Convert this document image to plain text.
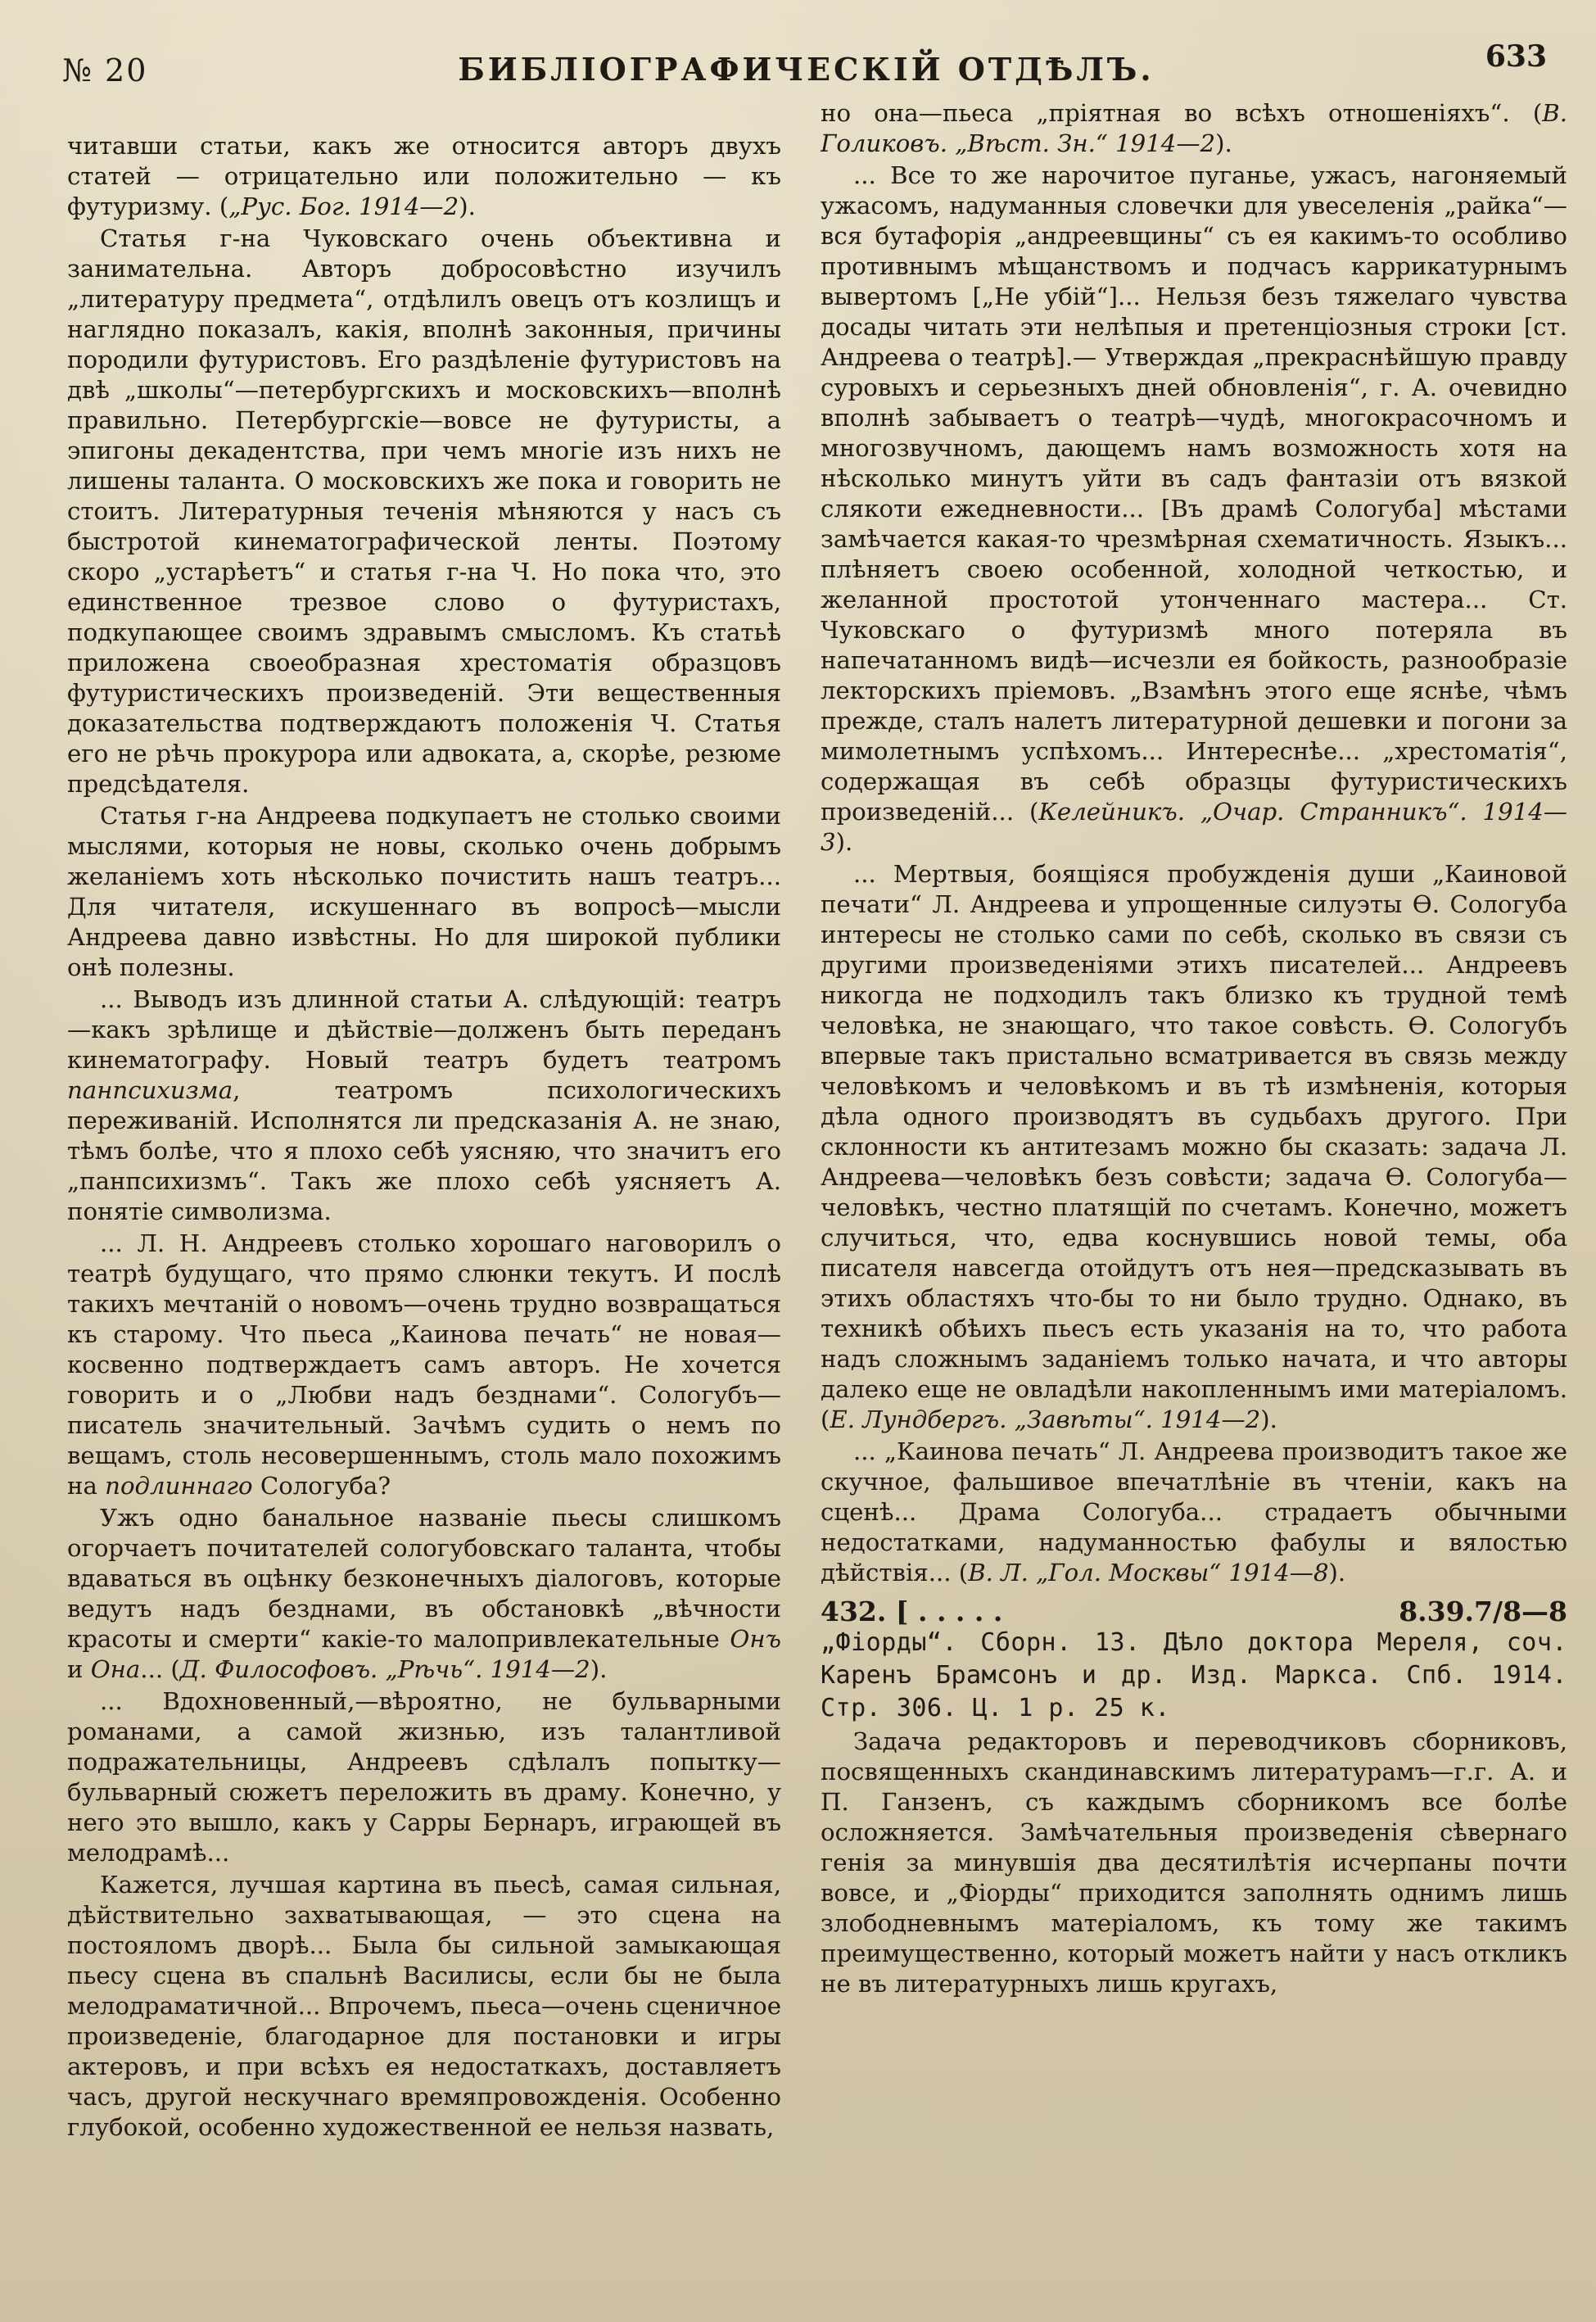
№ 20	БИБЛІОГРАФИЧЕСКІЙ ОТДѢЛЪ.	633

читавши статьи, какъ же относится авторъ двухъ статей — отрицательно или положительно — къ футуризму. („Рус. Бог. 1914—2).

Статья г-на Чуковскаго очень объективна и занимательна. Авторъ добросовѣстно изучилъ „литературу предмета“, отдѣлилъ овецъ отъ козлищъ и наглядно показалъ, какія, вполнѣ законныя, причины породили футуристовъ. Его раздѣленіе футуристовъ на двѣ „школы“—петербургскихъ и московскихъ—вполнѣ правильно. Петербургскіе—вовсе не футуристы, а эпигоны декадентства, при чемъ многіе изъ нихъ не лишены таланта. О московскихъ же пока и говорить не стоитъ. Литературныя теченія мѣняются у насъ съ быстротой кинематографической ленты. Поэтому скоро „устарѣетъ“ и статья г-на Ч. Но пока что, это единственное трезвое слово о футуристахъ, подкупающее своимъ здравымъ смысломъ. Къ статьѣ приложена своеобразная хрестоматія образцовъ футуристическихъ произведеній. Эти вещественныя доказательства подтверждаютъ положенія Ч. Статья его не рѣчь прокурора или адвоката, а, скорѣе, резюме предсѣдателя.

Статья г-на Андреева подкупаетъ не столько своими мыслями, которыя не новы, сколько очень добрымъ желаніемъ хоть нѣсколько почистить нашъ театръ... Для читателя, искушеннаго въ вопросѣ—мысли Андреева давно извѣстны. Но для широкой публики онѣ полезны.

... Выводъ изъ длинной статьи А. слѣдующій: театръ—какъ зрѣлище и дѣйствіе—долженъ быть переданъ кинематографу. Новый театръ будетъ театромъ панпсихизма, театромъ психологическихъ переживаній. Исполнятся ли предсказанія А. не знаю, тѣмъ болѣе, что я плохо себѣ уясняю, что значитъ его „панпсихизмъ“. Такъ же плохо себѣ уясняетъ А. понятіе символизма.

... Л. Н. Андреевъ столько хорошаго наговорилъ о театрѣ будущаго, что прямо слюнки текутъ. И послѣ такихъ мечтаній о новомъ—очень трудно возвращаться къ старому. Что пьеса „Каинова печать“ не новая—косвенно подтверждаетъ самъ авторъ. Не хочется говорить и о „Любви надъ безднами“. Сологубъ—писатель значительный. Зачѣмъ судить о немъ по вещамъ, столь несовершеннымъ, столь мало похожимъ на подлиннаго Сологуба?

Ужъ одно банальное названіе пьесы слишкомъ огорчаетъ почитателей сологубовскаго таланта, чтобы вдаваться въ оцѣнку безконечныхъ діалоговъ, которые ведутъ надъ безднами, въ обстановкѣ „вѣчности красоты и смерти“ какіе-то малопривлекательные Онъ и Она... (Д. Философовъ. „Рѣчь“. 1914—2).

... Вдохновенный,—вѣроятно, не бульварными романами, а самой жизнью, изъ талантливой подражательницы, Андреевъ сдѣлалъ попытку—бульварный сюжетъ переложить въ драму. Конечно, у него это вышло, какъ у Сарры Бернаръ, играющей въ мелодрамѣ...

Кажется, лучшая картина въ пьесѣ, самая сильная, дѣйствительно захватывающая, — это сцена на постояломъ дворѣ... Была бы сильной замыкающая пьесу сцена въ спальнѣ Василисы, если бы не была мелодраматичной... Впрочемъ, пьеса—очень сценичное произведеніе, благодарное для постановки и игры актеровъ, и при всѣхъ ея недостаткахъ, доставляетъ часъ, другой нескучнаго времяпровожденія. Особенно глубокой, особенно художественной ее нельзя назвать,

но она—пьеса „пріятная во всѣхъ отношеніяхъ“. (В. Голиковъ. „Вѣст. Зн.“ 1914—2).

... Все то же нарочитое пуганье, ужасъ, нагоняемый ужасомъ, надуманныя словечки для увеселенія „райка“—вся бутафорія „андреевщины“ съ ея какимъ-то особливо противнымъ мѣщанствомъ и подчасъ каррикатурнымъ вывертомъ [„Не убій“]... Нельзя безъ тяжелаго чувства досады читать эти нелѣпыя и претенціозныя строки [ст. Андреева о театрѣ].— Утверждая „прекраснѣйшую правду суровыхъ и серьезныхъ дней обновленія“, г. А. очевидно вполнѣ забываетъ о театрѣ—чудѣ, многокрасочномъ и многозвучномъ, дающемъ намъ возможность хотя на нѣсколько минутъ уйти въ садъ фантазіи отъ вязкой слякоти ежедневности... [Въ драмѣ Сологуба] мѣстами замѣчается какая-то чрезмѣрная схематичность. Языкъ... плѣняетъ своею особенной, холодной четкостью, и желанной простотой утонченнаго мастера... Ст. Чуковскаго о футуризмѣ много потеряла въ напечатанномъ видѣ—исчезли ея бойкость, разнообразіе лекторскихъ пріемовъ. „Взамѣнъ этого еще яснѣе, чѣмъ прежде, сталъ налетъ литературной дешевки и погони за мимолетнымъ успѣхомъ... Интереснѣе... „хрестоматія“, содержащая въ себѣ образцы футуристическихъ произведеній... (Келейникъ. „Очар. Странникъ“. 1914—3).

... Мертвыя, боящіяся пробужденія души „Каиновой печати“ Л. Андреева и упрощенные силуэты Ѳ. Сологуба интересы не столько сами по себѣ, сколько въ связи съ другими произведеніями этихъ писателей... Андреевъ никогда не подходилъ такъ близко къ трудной темѣ человѣка, не знающаго, что такое совѣсть. Ѳ. Сологубъ впервые такъ пристально всматривается въ связь между человѣкомъ и человѣкомъ и въ тѣ измѣненія, которыя дѣла одного производятъ въ судьбахъ другого. При склонности къ антитезамъ можно бы сказать: задача Л. Андреева—человѣкъ безъ совѣсти; задача Ѳ. Сологуба—человѣкъ, честно платящій по счетамъ. Конечно, можетъ случиться, что, едва коснувшись новой темы, оба писателя навсегда отойдутъ отъ нея—предсказывать въ этихъ областяхъ что-бы то ни было трудно. Однако, въ техникѣ обѣихъ пьесъ есть указанія на то, что работа надъ сложнымъ заданіемъ только начата, и что авторы далеко еще не овладѣли накопленнымъ ими матеріаломъ. (Е. Лундбергъ. „Завѣты“. 1914—2).

... „Каинова печать“ Л. Андреева производитъ такое же скучное, фальшивое впечатлѣніе въ чтеніи, какъ на сценѣ... Драма Сологуба... страдаетъ обычными недостатками, надуманностью фабулы и вялостью дѣйствія... (В. Л. „Гол. Москвы“ 1914—8).

432. [ . . . . .	8.39.7/8—8

„Фіорды“. Сборн. 13. Дѣло доктора Мереля, соч. Каренъ Брамсонъ и др. Изд. Маркса. Спб. 1914. Стр. 306. Ц. 1 р. 25 к.

Задача редакторовъ и переводчиковъ сборниковъ, посвященныхъ скандинавскимъ литературамъ—г.г. А. и П. Ганзенъ, съ каждымъ сборникомъ все болѣе осложняется. Замѣчательныя произведенія сѣвернаго генія за минувшія два десятилѣтія исчерпаны почти вовсе, и „Фіорды“ приходится заполнять однимъ лишь злободневнымъ матеріаломъ, къ тому же такимъ преимущественно, который можетъ найти у насъ откликъ не въ литературныхъ лишь кругахъ,
